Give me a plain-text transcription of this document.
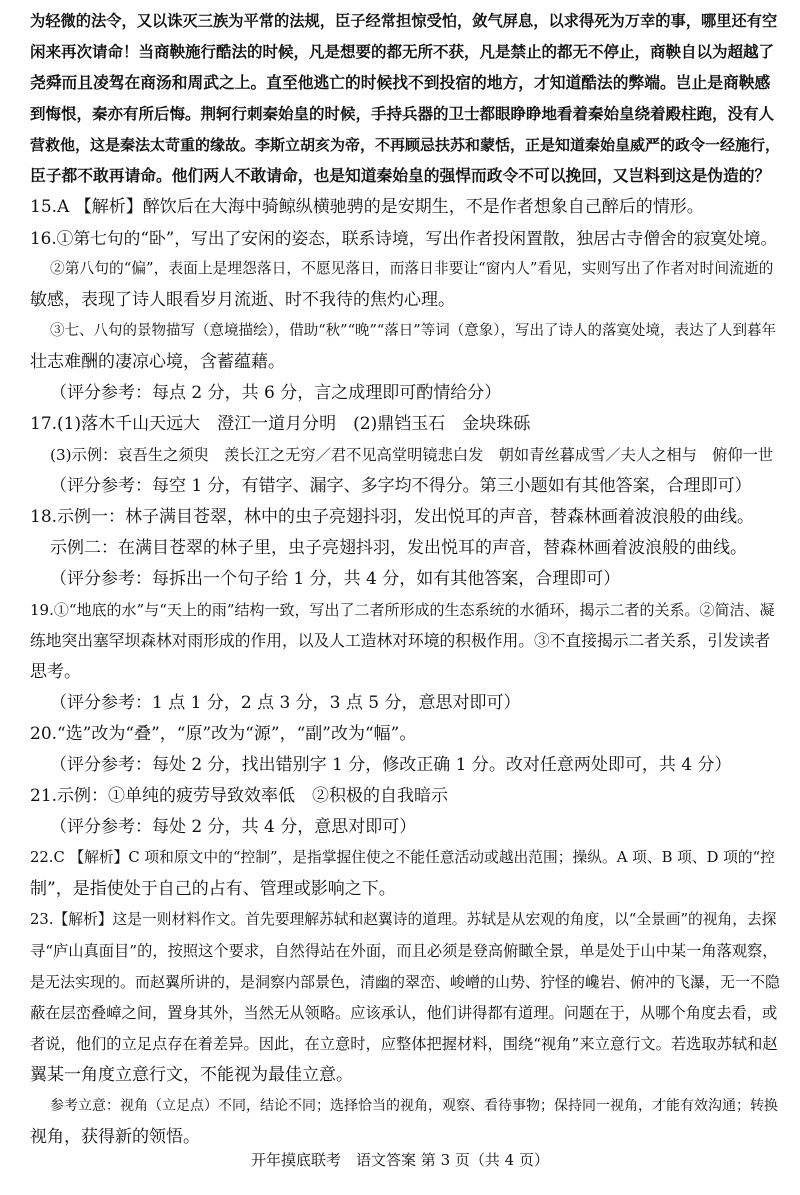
为轻微的法令，又以诛灭三族为平常的法规，臣子经常担惊受怕，敛气屏息，以求得死为万幸的事，哪里还有空
闲来再次请命！当商鞅施行酷法的时候，凡是想要的都无所不获，凡是禁止的都无不停止，商鞅自以为超越了
尧舜而且凌驾在商汤和周武之上。直至他逃亡的时候找不到投宿的地方，才知道酷法的弊端。岂止是商鞅感
到悔恨，秦亦有所后悔。荆轲行刺秦始皇的时候，手持兵器的卫士都眼睁睁地看着秦始皇绕着殿柱跑，没有人
营救他，这是秦法太苛重的缘故。李斯立胡亥为帝，不再顾忌扶苏和蒙恬，正是知道秦始皇威严的政令一经施行，
臣子都不敢再请命。他们两人不敢请命，也是知道秦始皇的强悍而政令不可以挽回，又岂料到这是伪造的？
15.A 【解析】醉饮后在大海中骑鲸纵横驰骋的是安期生，不是作者想象自己醉后的情形。
16.①第七句的“卧”，写出了安闲的姿态，联系诗境，写出作者投闲置散，独居古寺僧舍的寂寞处境。
②第八句的“偏”，表面上是埋怨落日，不愿见落日，而落日非要让“窗内人”看见，实则写出了作者对时间流逝的
敏感，表现了诗人眼看岁月流逝、时不我待的焦灼心理。
③七、八句的景物描写（意境描绘），借助“秋”“晚”“落日”等词（意象），写出了诗人的落寞处境，表达了人到暮年
壮志难酬的凄凉心境，含蓄蕴藉。
（评分参考：每点 2 分，共 6 分，言之成理即可酌情给分）
17.(1)落木千山天远大　澄江一道月分明　(2)鼎铛玉石　金块珠砾
(3)示例：哀吾生之须臾　羡长江之无穷／君不见高堂明镜悲白发　朝如青丝暮成雪／夫人之相与　俯仰一世
（评分参考：每空 1 分，有错字、漏字、多字均不得分。第三小题如有其他答案，合理即可）
18.示例一：林子满目苍翠，林中的虫子亮翅抖羽，发出悦耳的声音，替森林画着波浪般的曲线。
示例二：在满目苍翠的林子里，虫子亮翅抖羽，发出悦耳的声音，替森林画着波浪般的曲线。
（评分参考：每拆出一个句子给 1 分，共 4 分，如有其他答案，合理即可）
19.①“地底的水”与“天上的雨”结构一致，写出了二者所形成的生态系统的水循环，揭示二者的关系。②简洁、凝
练地突出塞罕坝森林对雨形成的作用，以及人工造林对环境的积极作用。③不直接揭示二者关系，引发读者
思考。
（评分参考：1 点 1 分，2 点 3 分，3 点 5 分，意思对即可）
20.“选”改为“叠”，“原”改为“源”，“副”改为“幅”。
（评分参考：每处 2 分，找出错别字 1 分，修改正确 1 分。改对任意两处即可，共 4 分）
21.示例：①单纯的疲劳导致效率低　②积极的自我暗示
（评分参考：每处 2 分，共 4 分，意思对即可）
22.C 【解析】C 项和原文中的“控制”，是指掌握住使之不能任意活动或越出范围；操纵。A 项、B 项、D 项的“控
制”，是指使处于自己的占有、管理或影响之下。
23.【解析】这是一则材料作文。首先要理解苏轼和赵翼诗的道理。苏轼是从宏观的角度，以“全景画”的视角，去探
寻“庐山真面目”的，按照这个要求，自然得站在外面，而且必须是登高俯瞰全景，单是处于山中某一角落观察，
是无法实现的。而赵翼所讲的，是洞察内部景色，清幽的翠峦、峻嶒的山势、狞怪的巉岩、俯冲的飞瀑，无一不隐
蔽在层峦叠嶂之间，置身其外，当然无从领略。应该承认，他们讲得都有道理。问题在于，从哪个角度去看，或
者说，他们的立足点存在着差异。因此，在立意时，应整体把握材料，围绕“视角”来立意行文。若选取苏轼和赵
翼某一角度立意行文，不能视为最佳立意。
参考立意：视角（立足点）不同，结论不同；选择恰当的视角，观察、看待事物；保持同一视角，才能有效沟通；转换
视角，获得新的领悟。
开年摸底联考　语文答案 第 3 页（共 4 页）
